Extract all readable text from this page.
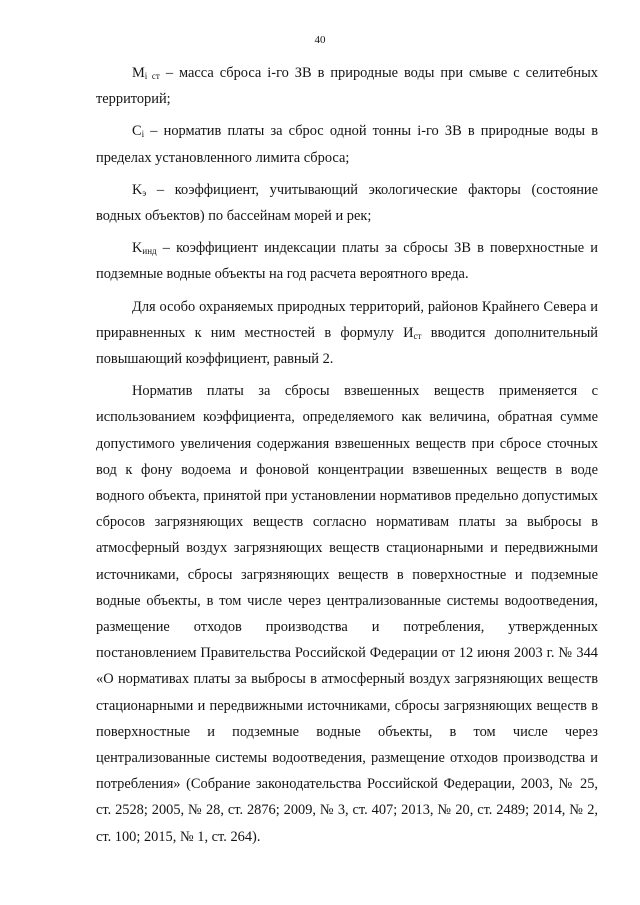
40

$M_{i ст}$ – масса сброса i-го ЗВ в природные воды при смыве с селитебных территорий;

$C_i$ – норматив платы за сброс одной тонны i-го ЗВ в природные воды в пределах установленного лимита сброса;

$K_э$ – коэффициент, учитывающий экологические факторы (состояние водных объектов) по бассейнам морей и рек;

$K_{инд}$ – коэффициент индексации платы за сбросы ЗВ в поверхностные и подземные водные объекты на год расчета вероятного вреда.

Для особо охраняемых природных территорий, районов Крайнего Севера и приравненных к ним местностей в формулу $И_{ст}$ вводится дополнительный повышающий коэффициент, равный 2.

Норматив платы за сбросы взвешенных веществ применяется с использованием коэффициента, определяемого как величина, обратная сумме допустимого увеличения содержания взвешенных веществ при сбросе сточных вод к фону водоема и фоновой концентрации взвешенных веществ в воде водного объекта, принятой при установлении нормативов предельно допустимых сбросов загрязняющих веществ согласно нормативам платы за выбросы в атмосферный воздух загрязняющих веществ стационарными и передвижными источниками, сбросы загрязняющих веществ в поверхностные и подземные водные объекты, в том числе через централизованные системы водоотведения, размещение отходов производства и потребления, утвержденных постановлением Правительства Российской Федерации от 12 июня 2003 г. № 344 «О нормативах платы за выбросы в атмосферный воздух загрязняющих веществ стационарными и передвижными источниками, сбросы загрязняющих веществ в поверхностные и подземные водные объекты, в том числе через централизованные системы водоотведения, размещение отходов производства и потребления» (Собрание законодательства Российской Федерации, 2003, № 25, ст. 2528; 2005, № 28, ст. 2876; 2009, № 3, ст. 407; 2013, № 20, ст. 2489; 2014, № 2, ст. 100; 2015, № 1, ст. 264).
